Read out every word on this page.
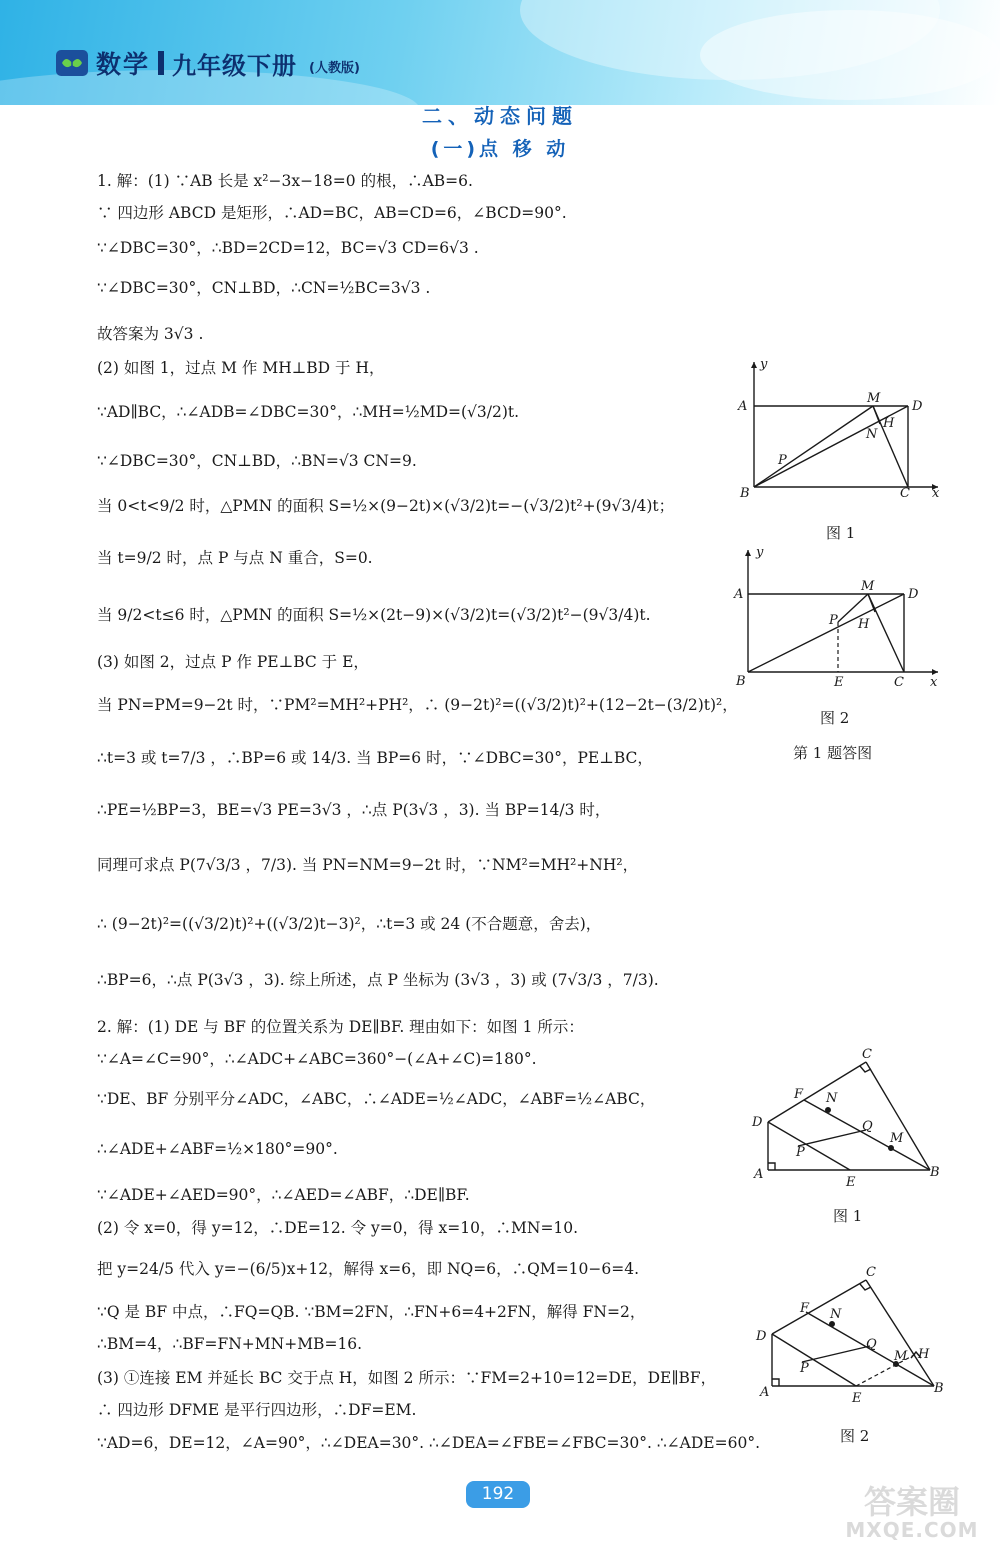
数学 九年级下册 (人教版)
二、动态问题
(一)点 移 动
1. 解：(1) ∵AB 长是 x²−3x−18=0 的根，∴AB=6.
∵ 四边形 ABCD 是矩形，∴AD=BC，AB=CD=6，∠BCD=90°.
∵∠DBC=30°，∴BD=2CD=12，BC=√3 CD=6√3 .
∵∠DBC=30°，CN⊥BD，∴CN=½BC=3√3 .
故答案为 3√3 .
(2) 如图 1，过点 M 作 MH⊥BD 于 H，
∵AD∥BC，∴∠ADB=∠DBC=30°，∴MH=½MD=(√3/2)t.
∵∠DBC=30°，CN⊥BD，∴BN=√3 CN=9.
当 0<t<9/2 时，△PMN 的面积 S=½×(9−2t)×(√3/2)t=−(√3/2)t²+(9√3/4)t；
当 t=9/2 时，点 P 与点 N 重合，S=0.
当 9/2<t≤6 时，△PMN 的面积 S=½×(2t−9)×(√3/2)t=(√3/2)t²−(9√3/4)t.
(3) 如图 2，过点 P 作 PE⊥BC 于 E，
当 PN=PM=9−2t 时，∵PM²=MH²+PH²，∴ (9−2t)²=((√3/2)t)²+(12−2t−(3/2)t)²，
∴t=3 或 t=7/3 ，∴BP=6 或 14/3. 当 BP=6 时，∵∠DBC=30°，PE⊥BC，
∴PE=½BP=3，BE=√3 PE=3√3 ，∴点 P(3√3 ，3). 当 BP=14/3 时，
同理可求点 P(7√3/3 ，7/3). 当 PN=NM=9−2t 时，∵NM²=MH²+NH²，
∴ (9−2t)²=((√3/2)t)²+((√3/2)t−3)²，∴t=3 或 24 (不合题意，舍去)，
∴BP=6，∴点 P(3√3 ，3). 综上所述，点 P 坐标为 (3√3 ，3) 或 (7√3/3 ，7/3).
2. 解：(1) DE 与 BF 的位置关系为 DE∥BF. 理由如下：如图 1 所示：
∵∠A=∠C=90°，∴∠ADC+∠ABC=360°−(∠A+∠C)=180°.
∵DE、BF 分别平分∠ADC，∠ABC，∴∠ADE=½∠ADC，∠ABF=½∠ABC，
∴∠ADE+∠ABF=½×180°=90°.
∵∠ADE+∠AED=90°，∴∠AED=∠ABF，∴DE∥BF.
(2) 令 x=0，得 y=12，∴DE=12. 令 y=0，得 x=10，∴MN=10.
把 y=24/5 代入 y=−(6/5)x+12，解得 x=6，即 NQ=6，∴QM=10−6=4.
∵Q 是 BF 中点，∴FQ=QB. ∵BM=2FN，∴FN+6=4+2FN，解得 FN=2，
∴BM=4，∴BF=FN+MN+MB=16.
(3) ①连接 EM 并延长 BC 交于点 H，如图 2 所示：∵FM=2+10=12=DE，DE∥BF，
∴ 四边形 DFME 是平行四边形，∴DF=EM.
∵AD=6，DE=12，∠A=90°，∴∠DEA=30°. ∴∠DEA=∠FBE=∠FBC=30°. ∴∠ADE=60°.
y
A
M
D
H
N
P
B	C x
图 1
y
A
M
D
P H
B	E	C x
图 2
第 1 题答图
C
F N
D	Q
M
P
A
E
B
图 1
C
F N
D
Q
M H
P
A	E
B
图 2
192	答案圈
MXQE.COM
